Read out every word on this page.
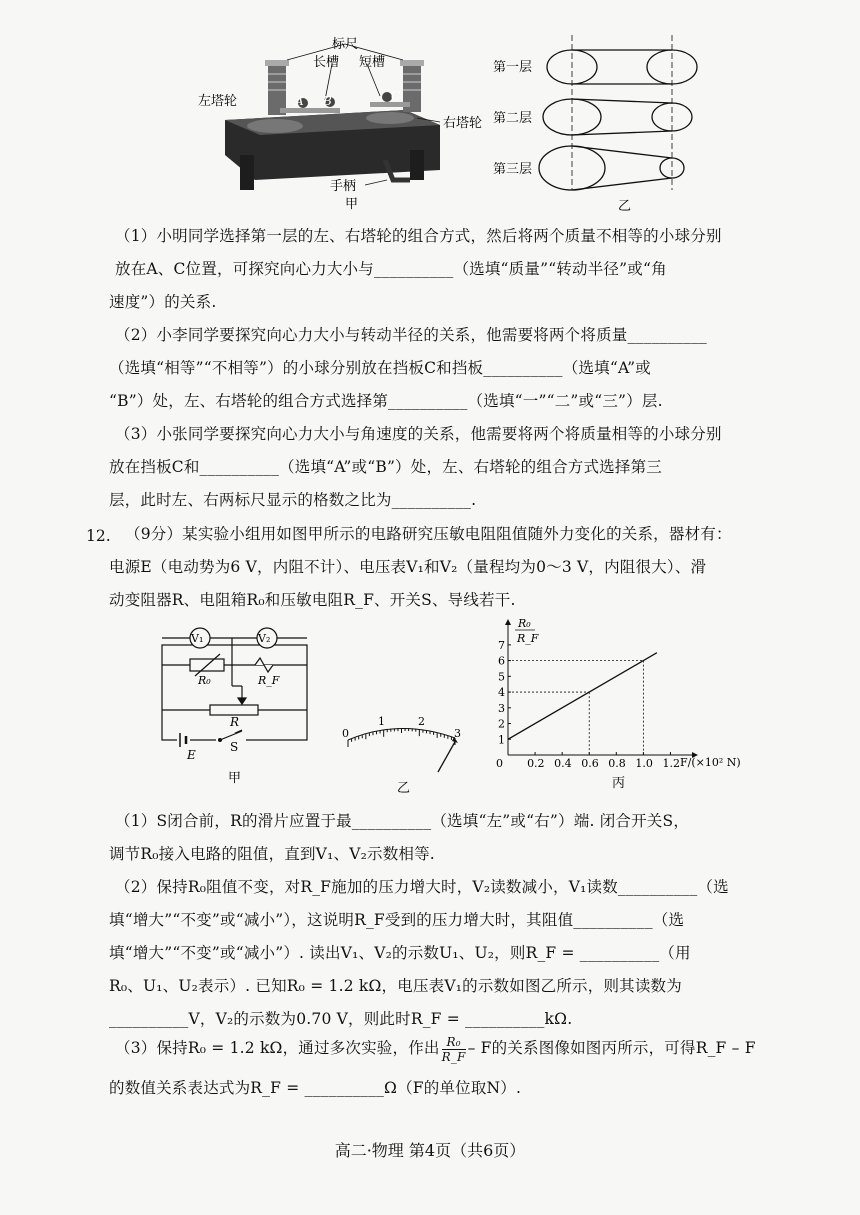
标尺
长槽 短槽
左塔轮
右塔轮
手柄
A B	C
甲
第一层
第二层
第三层
乙
（1）小明同学选择第一层的左、右塔轮的组合方式，然后将两个质量不相等的小球分别
放在A、C位置，可探究向心力大小与__________（选填“质量”“转动半径”或“角
速度”）的关系.
（2）小李同学要探究向心力大小与转动半径的关系，他需要将两个将质量__________
（选填“相等”“不相等”）的小球分别放在挡板C和挡板__________（选填“A”或
“B”）处，左、右塔轮的组合方式选择第__________（选填“一”“二”或“三”）层.
（3）小张同学要探究向心力大小与角速度的关系，他需要将两个将质量相等的小球分别
放在挡板C和__________（选填“A”或“B”）处，左、右塔轮的组合方式选择第三
层，此时左、右两标尺显示的格数之比为__________.
12. （9分）某实验小组用如图甲所示的电路研究压敏电阻阻值随外力变化的关系，器材有：
电源E（电动势为6 V，内阻不计）、电压表V₁和V₂（量程均为0～3 V，内阻很大）、滑
动变阻器R、电阻箱R₀和压敏电阻R_F、开关S、导线若干.
V₁	V₂
R₀	R_F
R
E
S
甲
0
1	2
3
乙
R₀
R_F
F/(×10² N)
丙
0 0.2 0.4 0.6 0.8 1.0 1.2
1
2
3
4
5
6
7
（1）S闭合前，R的滑片应置于最__________（选填“左”或“右”）端. 闭合开关S，
调节R₀接入电路的阻值，直到V₁、V₂示数相等.
（2）保持R₀阻值不变，对R_F施加的压力增大时，V₂读数减小，V₁读数__________（选
填“增大”“不变”或“减小”），这说明R_F受到的压力增大时，其阻值__________（选
填“增大”“不变”或“减小”）. 读出V₁、V₂的示数U₁、U₂，则R_F = __________（用
R₀、U₁、U₂表示）. 已知R₀ = 1.2 kΩ，电压表V₁的示数如图乙所示，则其读数为
__________V，V₂的示数为0.70 V，则此时R_F = __________kΩ.
（3）保持R₀ = 1.2 kΩ，通过多次实验，作出 $\frac{\text{R₀}}{R\_F}$ – F的关系图像如图丙所示，可得R_F – F
的数值关系表达式为R_F = __________Ω（F的单位取N）.
高二·物理 第4页（共6页）
